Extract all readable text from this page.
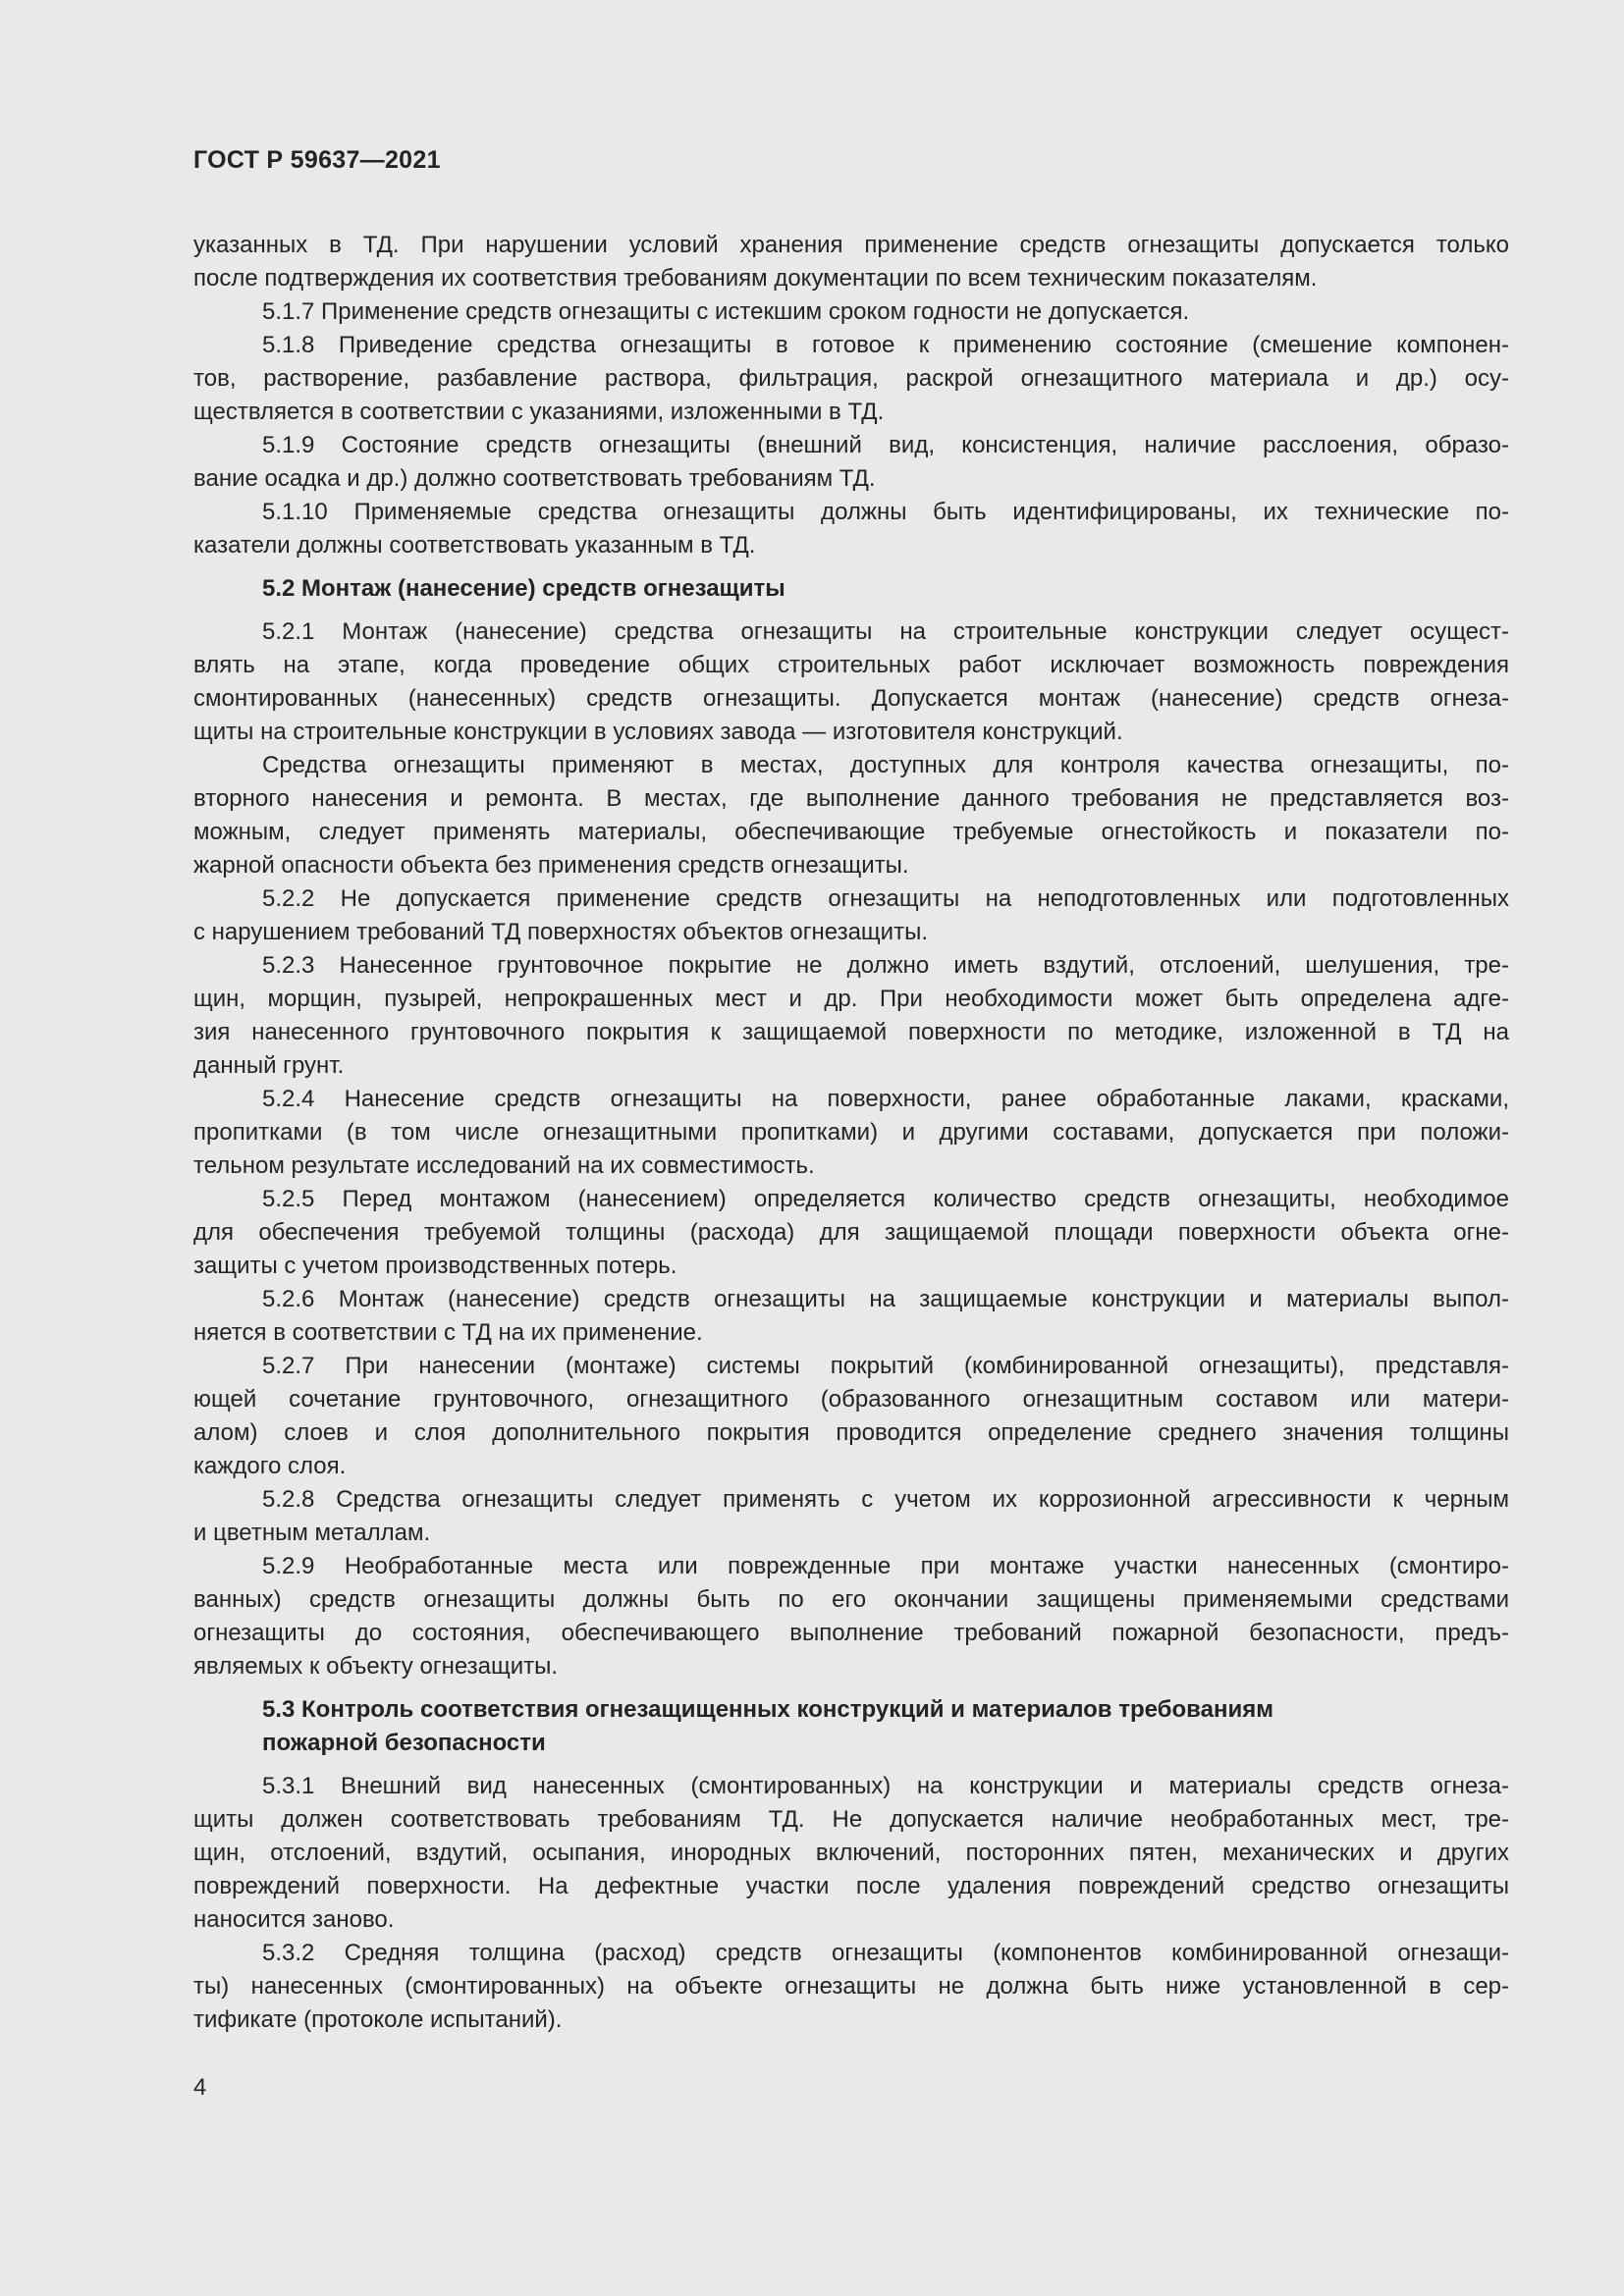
ГОСТ Р 59637—2021
указанных в ТД. При нарушении условий хранения применение средств огнезащиты допускается только
после подтверждения их соответствия требованиям документации по всем техническим показателям.
5.1.7 Применение средств огнезащиты с истекшим сроком годности не допускается.
5.1.8 Приведение средства огнезащиты в готовое к применению состояние (смешение компонен-
тов, растворение, разбавление раствора, фильтрация, раскрой огнезащитного материала и др.) осу-
ществляется в соответствии с указаниями, изложенными в ТД.
5.1.9 Состояние средств огнезащиты (внешний вид, консистенция, наличие расслоения, образо-
вание осадка и др.) должно соответствовать требованиям ТД.
5.1.10 Применяемые средства огнезащиты должны быть идентифицированы, их технические по-
казатели должны соответствовать указанным в ТД.
5.2 Монтаж (нанесение) средств огнезащиты
5.2.1 Монтаж (нанесение) средства огнезащиты на строительные конструкции следует осущест-
влять на этапе, когда проведение общих строительных работ исключает возможность повреждения
смонтированных (нанесенных) средств огнезащиты. Допускается монтаж (нанесение) средств огнеза-
щиты на строительные конструкции в условиях завода — изготовителя конструкций.
Средства огнезащиты применяют в местах, доступных для контроля качества огнезащиты, по-
вторного нанесения и ремонта. В местах, где выполнение данного требования не представляется воз-
можным, следует применять материалы, обеспечивающие требуемые огнестойкость и показатели по-
жарной опасности объекта без применения средств огнезащиты.
5.2.2 Не допускается применение средств огнезащиты на неподготовленных или подготовленных
с нарушением требований ТД поверхностях объектов огнезащиты.
5.2.3 Нанесенное грунтовочное покрытие не должно иметь вздутий, отслоений, шелушения, тре-
щин, морщин, пузырей, непрокрашенных мест и др. При необходимости может быть определена адге-
зия нанесенного грунтовочного покрытия к защищаемой поверхности по методике, изложенной в ТД на
данный грунт.
5.2.4 Нанесение средств огнезащиты на поверхности, ранее обработанные лаками, красками,
пропитками (в том числе огнезащитными пропитками) и другими составами, допускается при положи-
тельном результате исследований на их совместимость.
5.2.5 Перед монтажом (нанесением) определяется количество средств огнезащиты, необходимое
для обеспечения требуемой толщины (расхода) для защищаемой площади поверхности объекта огне-
защиты с учетом производственных потерь.
5.2.6 Монтаж (нанесение) средств огнезащиты на защищаемые конструкции и материалы выпол-
няется в соответствии с ТД на их применение.
5.2.7 При нанесении (монтаже) системы покрытий (комбинированной огнезащиты), представля-
ющей сочетание грунтовочного, огнезащитного (образованного огнезащитным составом или матери-
алом) слоев и слоя дополнительного покрытия проводится определение среднего значения толщины
каждого слоя.
5.2.8 Средства огнезащиты следует применять с учетом их коррозионной агрессивности к черным
и цветным металлам.
5.2.9 Необработанные места или поврежденные при монтаже участки нанесенных (смонтиро-
ванных) средств огнезащиты должны быть по его окончании защищены применяемыми средствами
огнезащиты до состояния, обеспечивающего выполнение требований пожарной безопасности, предъ-
являемых к объекту огнезащиты.
5.3 Контроль соответствия огнезащищенных конструкций и материалов требованиям
пожарной безопасности
5.3.1 Внешний вид нанесенных (смонтированных) на конструкции и материалы средств огнеза-
щиты должен соответствовать требованиям ТД. Не допускается наличие необработанных мест, тре-
щин, отслоений, вздутий, осыпания, инородных включений, посторонних пятен, механических и других
повреждений поверхности. На дефектные участки после удаления повреждений средство огнезащиты
наносится заново.
5.3.2 Средняя толщина (расход) средств огнезащиты (компонентов комбинированной огнезащи-
ты) нанесенных (смонтированных) на объекте огнезащиты не должна быть ниже установленной в сер-
тификате (протоколе испытаний).
4
